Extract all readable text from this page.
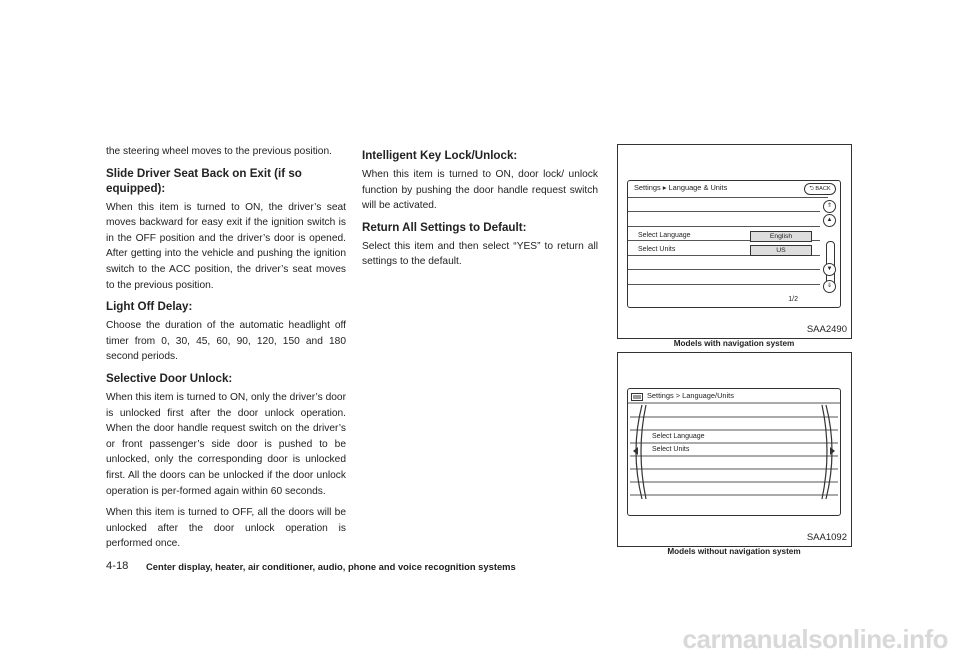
the steering wheel moves to the previous position.

Slide Driver Seat Back on Exit (if so equipped):

When this item is turned to ON, the driver’s seat moves backward for easy exit if the ignition switch is in the OFF position and the driver’s door is opened. After getting into the vehicle and pushing the ignition switch to the ACC position, the driver’s seat moves to the previous position.

Light Off Delay:

Choose the duration of the automatic headlight off timer from 0, 30, 45, 60, 90, 120, 150 and 180 second periods.

Selective Door Unlock:

When this item is turned to ON, only the driver’s door is unlocked first after the door unlock operation. When the door handle request switch on the driver’s or front passenger’s side door is pushed to be unlocked, only the corresponding door is unlocked first. All the doors can be unlocked if the door unlock operation is per-formed again within 60 seconds.

When this item is turned to OFF, all the doors will be unlocked after the door unlock operation is performed once.

Intelligent Key Lock/Unlock:

When this item is turned to ON, door lock/ unlock function by pushing the door handle request switch will be activated.

Return All Settings to Default:

Select this item and then select “YES” to return all settings to the default.

Settings ▸ Language & Units	⮌ BACK
Select Language	English
Select Units	US
1/2
⇑
▲
▼
⇓
SAA2490
Models with navigation system
Settings > Language/Units
Select Language
Select Units
SAA1092
Models without navigation system
4-18 Center display, heater, air conditioner, audio, phone and voice recognition systems
carmanualsonline.info
